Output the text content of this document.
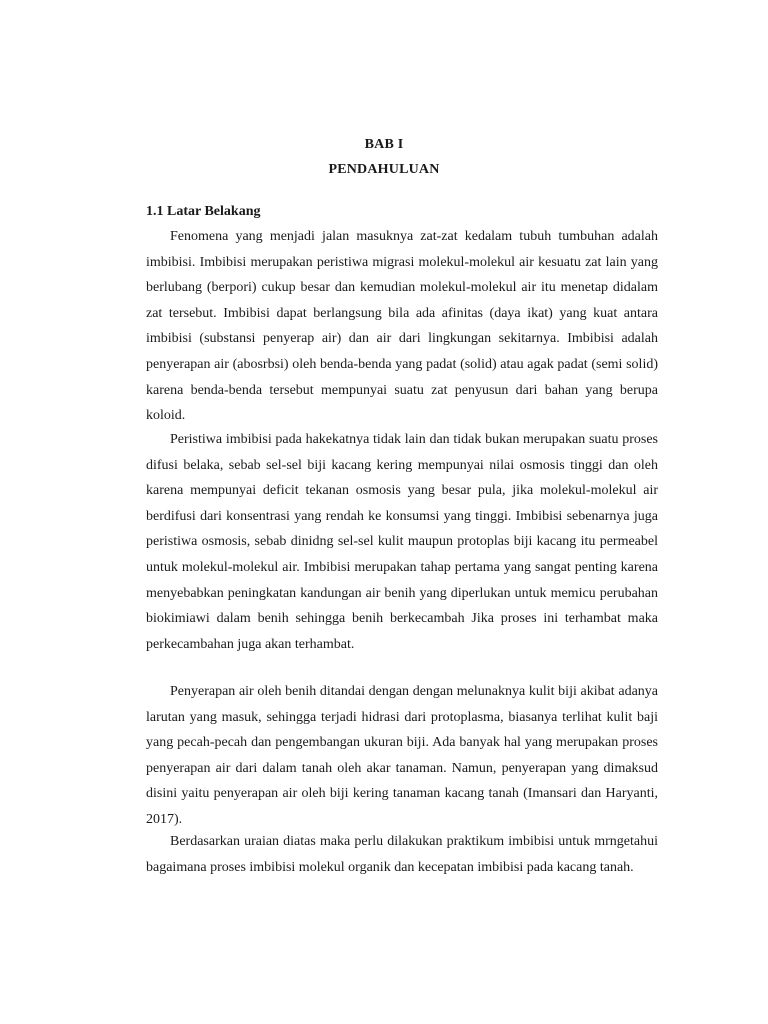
BAB I
PENDAHULUAN
1.1 Latar Belakang

Fenomena yang menjadi jalan masuknya zat-zat kedalam tubuh tumbuhan adalah imbibisi. Imbibisi merupakan peristiwa migrasi molekul-molekul air kesuatu zat lain yang berlubang (berpori) cukup besar dan kemudian molekul-molekul air itu menetap didalam zat tersebut. Imbibisi dapat berlangsung bila ada afinitas (daya ikat) yang kuat antara imbibisi (substansi penyerap air) dan air dari lingkungan sekitarnya. Imbibisi adalah penyerapan air (abosrbsi) oleh benda-benda yang padat (solid) atau agak padat (semi solid) karena benda-benda tersebut mempunyai suatu zat penyusun dari bahan yang berupa koloid.

Peristiwa imbibisi pada hakekatnya tidak lain dan tidak bukan merupakan suatu proses difusi belaka, sebab sel-sel biji kacang kering mempunyai nilai osmosis tinggi dan oleh karena mempunyai deficit tekanan osmosis yang besar pula, jika molekul-molekul air berdifusi dari konsentrasi yang rendah ke konsumsi yang tinggi. Imbibisi sebenarnya juga peristiwa osmosis, sebab dinidng sel-sel kulit maupun protoplas biji kacang itu permeabel untuk molekul-molekul air. Imbibisi merupakan tahap pertama yang sangat penting karena menyebabkan peningkatan kandungan air benih yang diperlukan untuk memicu perubahan biokimiawi dalam benih sehingga benih berkecambah Jika proses ini terhambat maka perkecambahan juga akan terhambat.

Penyerapan air oleh benih ditandai dengan dengan melunaknya kulit biji akibat adanya larutan yang masuk, sehingga terjadi hidrasi dari protoplasma, biasanya terlihat kulit baji yang pecah-pecah dan pengembangan ukuran biji. Ada banyak hal yang merupakan proses penyerapan air dari dalam tanah oleh akar tanaman. Namun, penyerapan yang dimaksud disini yaitu penyerapan air oleh biji kering tanaman kacang tanah (Imansari dan Haryanti, 2017).

Berdasarkan uraian diatas maka perlu dilakukan praktikum imbibisi untuk mrngetahui bagaimana proses imbibisi molekul organik dan kecepatan imbibisi pada kacang tanah.
